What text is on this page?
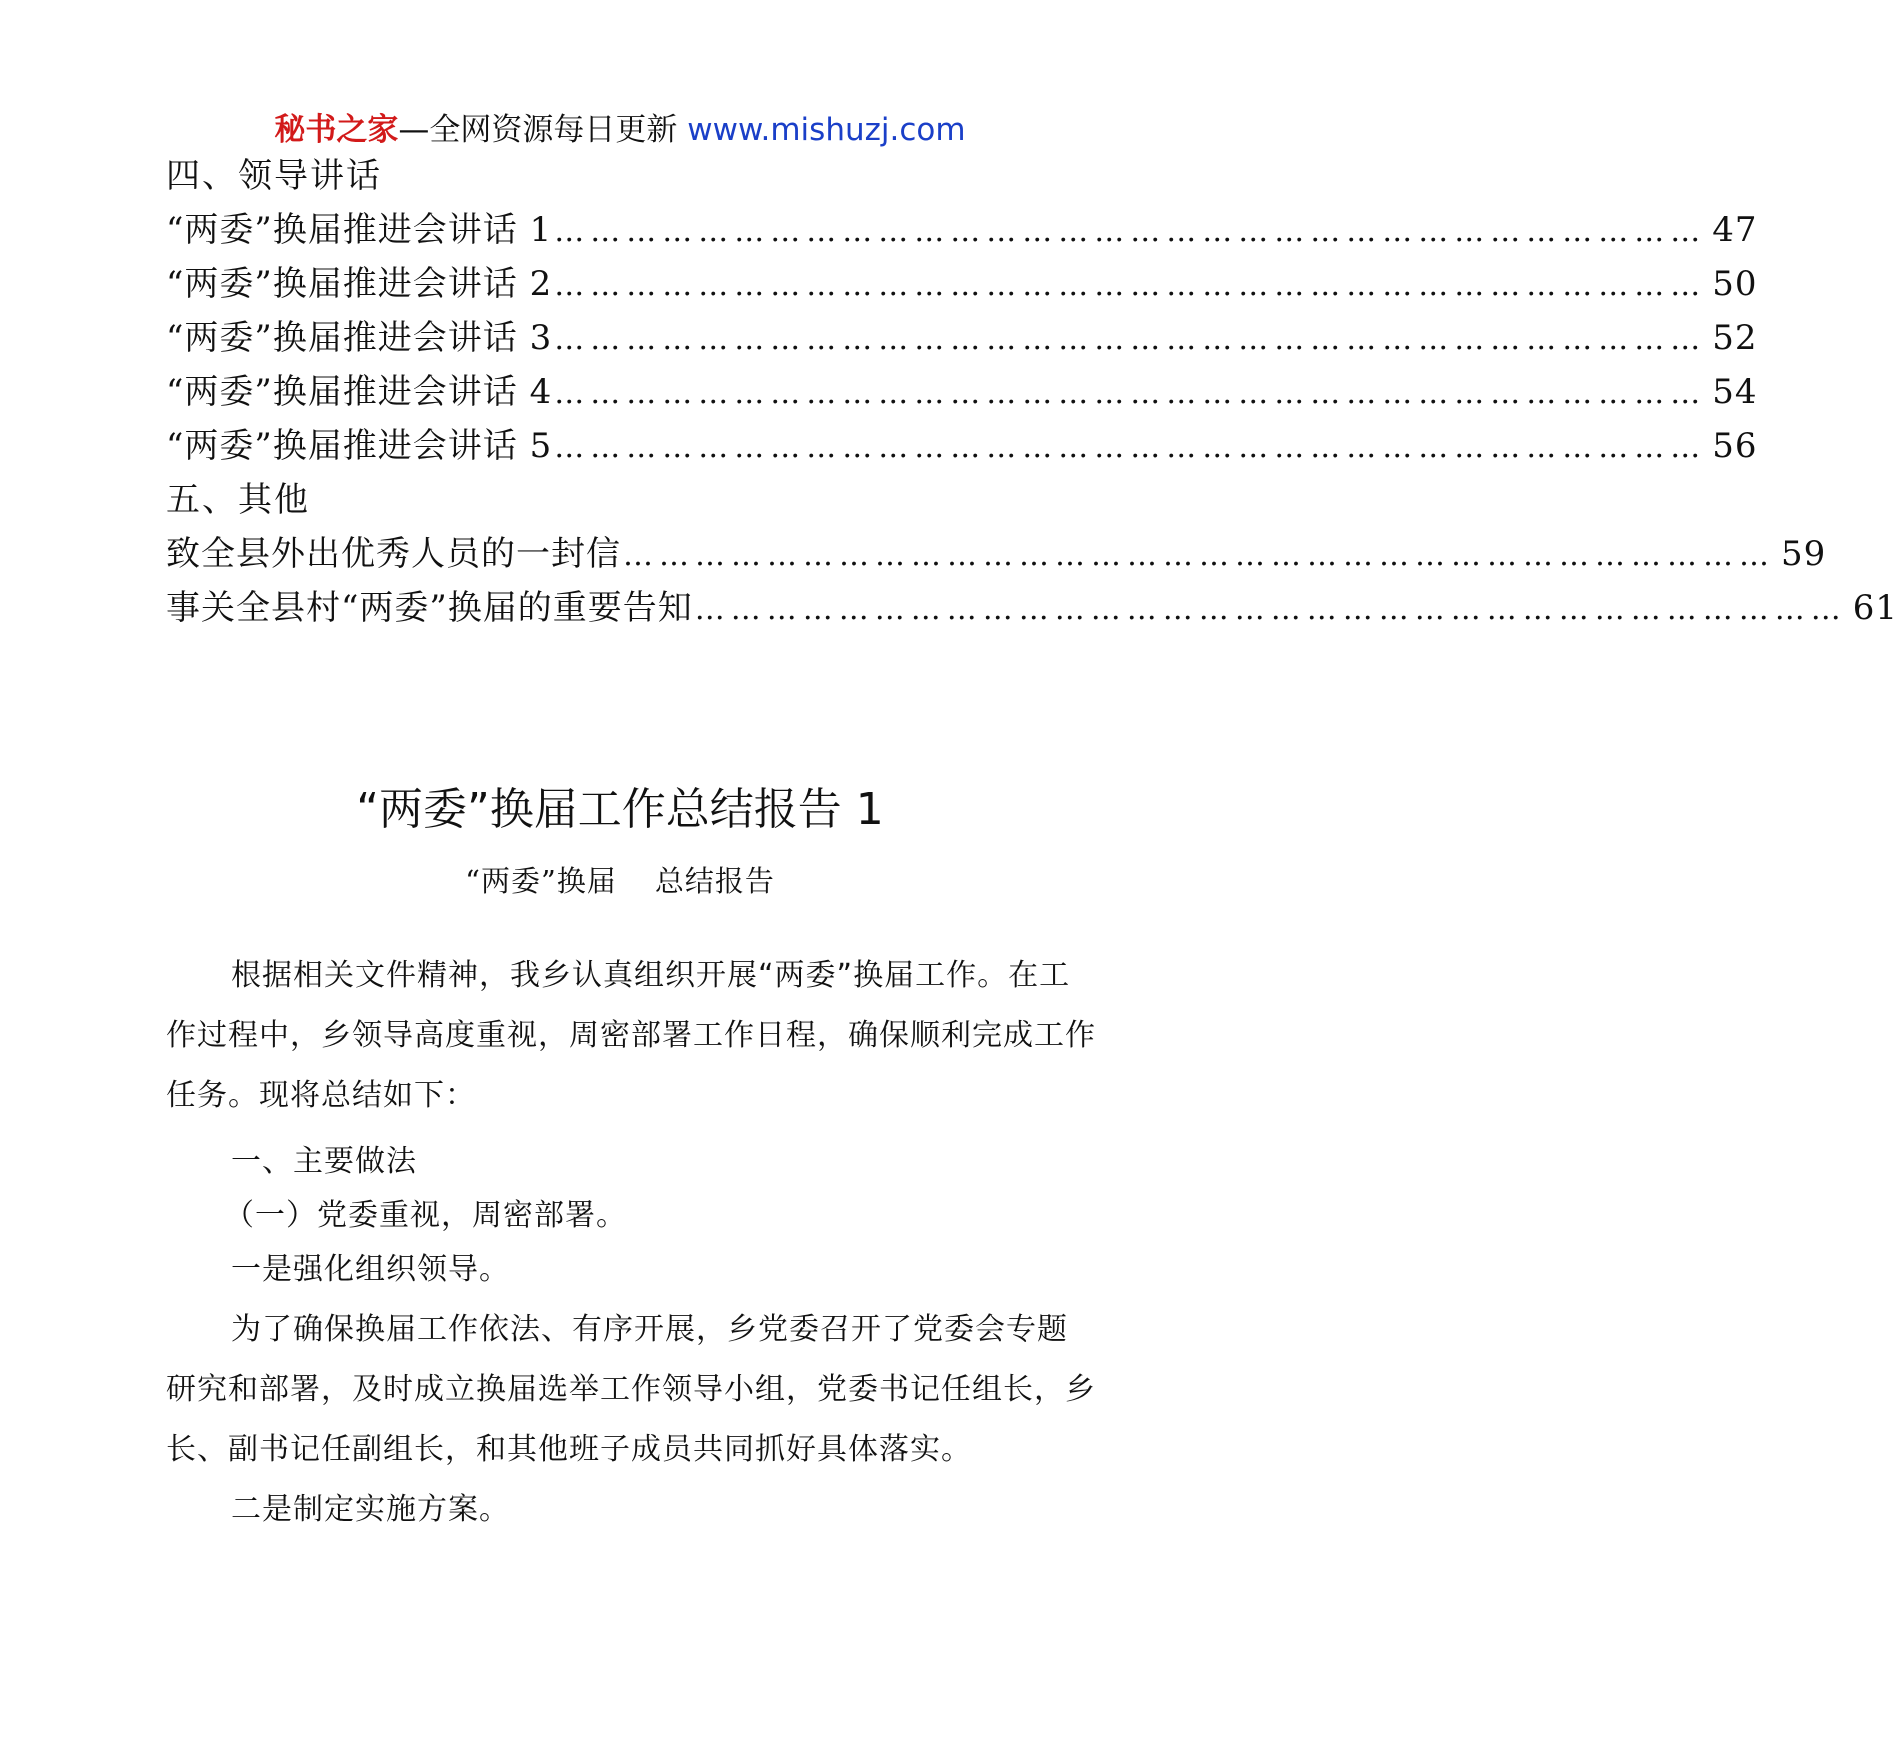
秘书之家—全网资源每日更新 www.mishuzj.com
四、领导讲话
“两委”换届推进会讲话 1 …………………………………………………………………………………… 47
“两委”换届推进会讲话 2 …………………………………………………………………………………… 50
“两委”换届推进会讲话 3 …………………………………………………………………………………… 52
“两委”换届推进会讲话 4 …………………………………………………………………………………… 54
“两委”换届推进会讲话 5 …………………………………………………………………………………… 56
五、其他
致全县外出优秀人员的一封信 …………………………………………………………………………………… 59
事关全县村“两委”换届的重要告知 …………………………………………………………………………………… 61
“两委”换届工作总结报告 1
“两委”换届 总结报告

根据相关文件精神，我乡认真组织开展“两委”换届工作。在工作过程中，乡领导高度重视，周密部署工作日程，确保顺利完成工作任务。现将总结如下：

一、主要做法
（一）党委重视，周密部署。
一是强化组织领导。

为了确保换届工作依法、有序开展，乡党委召开了党委会专题研究和部署，及时成立换届选举工作领导小组，党委书记任组长，乡长、副书记任副组长，和其他班子成员共同抓好具体落实。

二是制定实施方案。
